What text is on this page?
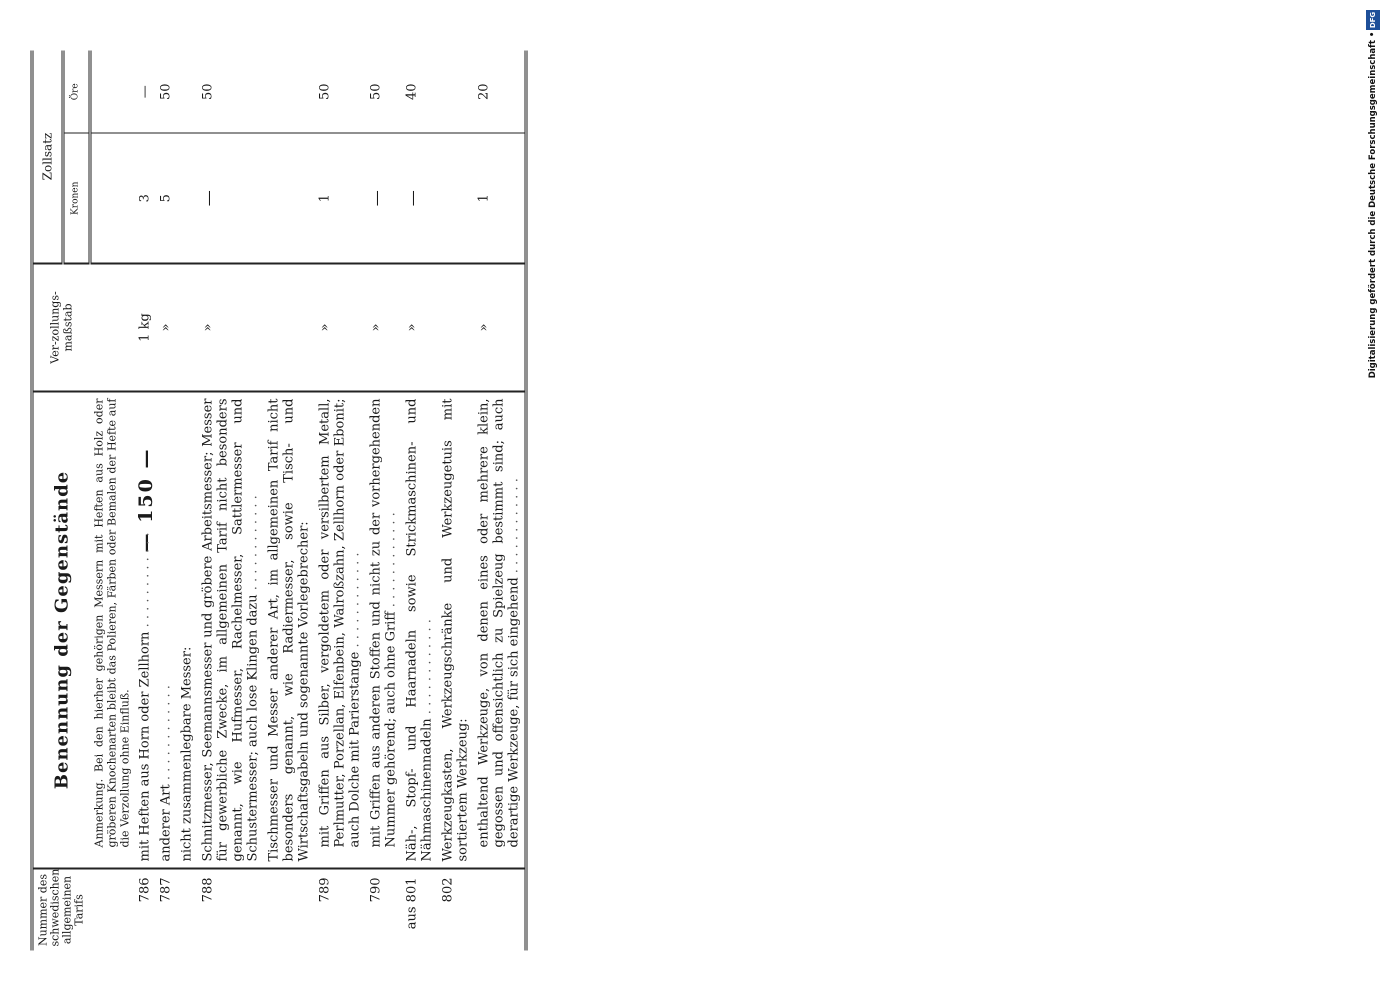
— 150 —
Nummer des schwedischen allgemeinen Tarifs	Benennung der Gegenstände	Ver-zollungs-maßstab	Zollsatz	
			Kronen	Öre

	Anmerkung. Bei den hierher gehörigen Messern mit Heften aus Holz oder gröberen Knochenarten bleibt das Polieren, Färben oder Bemalen der Hefte auf die Verzollung ohne Einfluß.			

786	mit Heften aus Horn oder Zellhorn . . .	1 kg	3	—
787	anderer Art . . .	»	5	50
	nicht zusammenlegbare Messer:			
788	Schnitzmesser, Seemannsmesser und gröbere Arbeitsmesser; Messer für gewerbliche Zwecke, im allgemeinen Tarif nicht besonders genannt, wie Hufmesser, Rachelmesser, Sattlermesser und Schustermesser; auch lose Klingen dazu . . .	»	—	50
	Tischmesser und Messer anderer Art, im allgemeinen Tarif nicht besonders genannt, wie Radiermesser, sowie Tisch- und Wirtschaftsgabeln und sogenannte Vorlegebrecher:			
789	mit Griffen aus Silber, vergoldetem oder versilbertem Metall, Perlmutter, Porzellan, Elfenbein, Walroßzahn, Zellhorn oder Ebonit; auch Dolche mit Parierstange . . .	»	1	50
790	mit Griffen aus anderen Stoffen und nicht zu der vorhergehenden Nummer gehörend; auch ohne Griff . . .	»	—	50
aus 801	Näh-, Stopf- und Haarnadeln sowie Strickmaschinen- und Nähmaschinennadeln . . .	»	—	40
802	Werkzeugkasten, Werkzeugschränke und Werkzeugetuis mit sortiertem Werkzeug:			

	enthaltend Werkzeuge, von denen eines oder mehrere klein, gegossen und offensichtlich zu Spielzeug bestimmt sind; auch derartige Werkzeuge, für sich eingehend . . .	»	1	20
DFG
Digitalisierung gefördert durch die Deutsche Forschungsgemeinschaft •
